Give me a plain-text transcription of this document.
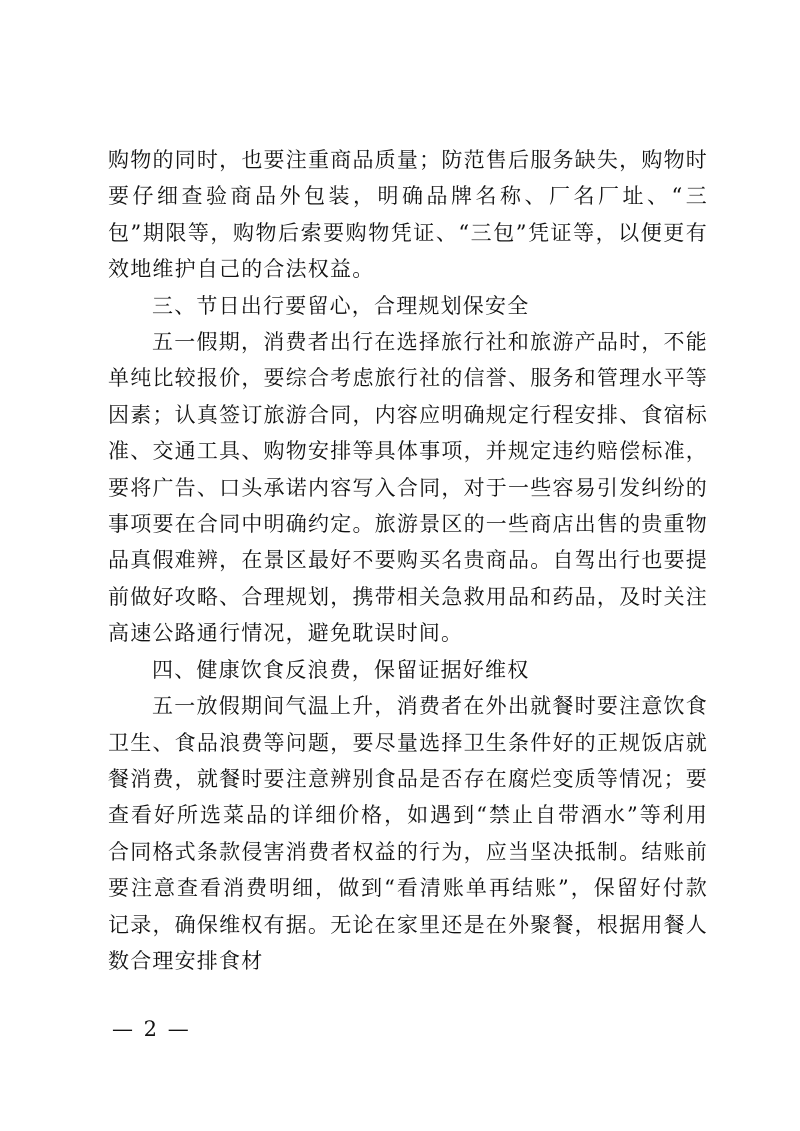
购物的同时，也要注重商品质量；防范售后服务缺失，购物时要仔细查验商品外包装，明确品牌名称、厂名厂址、“三包”期限等，购物后索要购物凭证、“三包”凭证等，以便更有效地维护自己的合法权益。

三、节日出行要留心，合理规划保安全

五一假期，消费者出行在选择旅行社和旅游产品时，不能单纯比较报价，要综合考虑旅行社的信誉、服务和管理水平等因素；认真签订旅游合同，内容应明确规定行程安排、食宿标准、交通工具、购物安排等具体事项，并规定违约赔偿标准，要将广告、口头承诺内容写入合同，对于一些容易引发纠纷的事项要在合同中明确约定。旅游景区的一些商店出售的贵重物品真假难辨，在景区最好不要购买名贵商品。自驾出行也要提前做好攻略、合理规划，携带相关急救用品和药品，及时关注高速公路通行情况，避免耽误时间。

四、健康饮食反浪费，保留证据好维权

五一放假期间气温上升，消费者在外出就餐时要注意饮食卫生、食品浪费等问题，要尽量选择卫生条件好的正规饭店就餐消费，就餐时要注意辨别食品是否存在腐烂变质等情况；要查看好所选菜品的详细价格，如遇到“禁止自带酒水”等利用合同格式条款侵害消费者权益的行为，应当坚决抵制。结账前要注意查看消费明细，做到“看清账单再结账”，保留好付款记录，确保维权有据。无论在家里还是在外聚餐，根据用餐人数合理安排食材

— 2 —
